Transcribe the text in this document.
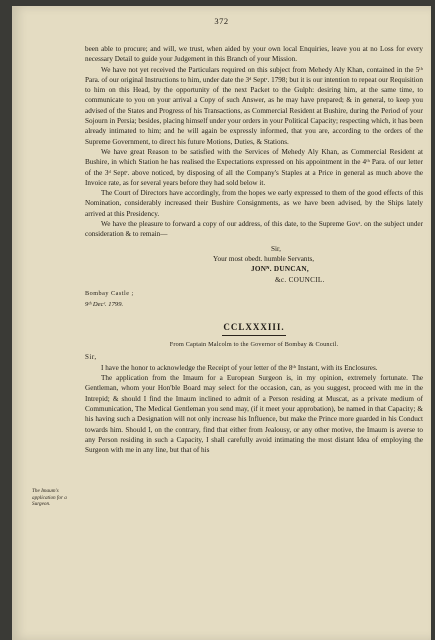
372
The Imaum's application for a Surgeon.

been able to procure; and will, we trust, when aided by your own local Enquiries, leave you at no Loss for every necessary Detail to guide your Judgement in this Branch of your Mission.

We have not yet received the Particulars required on this subject from Mehedy Aly Khan, contained in the 5ᵗʰ Para. of our original Instructions to him, under date the 3ᵈ Septʳ. 1798; but it is our intention to repeat our Requisition to him on this Head, by the opportunity of the next Packet to the Gulph: desiring him, at the same time, to communicate to you on your arrival a Copy of such Answer, as he may have prepared; & in general, to keep you advised of the States and Progress of his Transactions, as Commercial Resident at Bushire, during the Period of your Sojourn in Persia; besides, placing himself under your orders in your Political Capacity; respecting which, it has been already intimated to him; and he will again be expressly informed, that you are, according to the orders of the Supreme Government, to direct his future Motions, Duties, & Stations.

We have great Reason to be satisfied with the Services of Mehedy Aly Khan, as Commercial Resident at Bushire, in which Station he has realised the Expectations expressed on his appointment in the 4ᵗʰ Para. of our letter of the 3ᵈ Septʳ. above noticed, by disposing of all the Company's Staples at a Price in general as much above the Invoice rate, as for several years before they had sold below it.

The Court of Directors have accordingly, from the hopes we early expressed to them of the good effects of this Nomination, considerably increased their Bushire Consignments, as we have been advised, by the Ships lately arrived at this Presidency.

We have the pleasure to forward a copy of our address, of this date, to the Supreme Govᵗ. on the subject under consideration & to remain—

Sir,
Your most obedt. humble Servants,
JONᴺ. DUNCAN,
&c. COUNCIL.
Bombay Castle ;
9ᵗʰ Decʳ. 1799.
CCLXXXIII.
From Captain Malcolm to the Governor of Bombay & Council.
Sir,

I have the honor to acknowledge the Receipt of your letter of the 8ᵗʰ Instant, with its Enclosures.

The application from the Imaum for a European Surgeon is, in my opinion, extremely fortunate. The Gentleman, whom your Hon'ble Board may select for the occasion, can, as you suggest, proceed with me in the Intrepid; & should I find the Imaum inclined to admit of a Person residing at Muscat, as a private medium of Communication, The Medical Gentleman you send may, (if it meet your approbation), be named in that Capacity; & his having such a Designation will not only increase his Influence, but make the Prince more guarded in his Conduct towards him. Should I, on the contrary, find that either from Jealousy, or any other motive, the Imaum is averse to any Person residing in such a Capacity, I shall carefully avoid intimating the most distant Idea of employing the Surgeon with me in any line, but that of his
